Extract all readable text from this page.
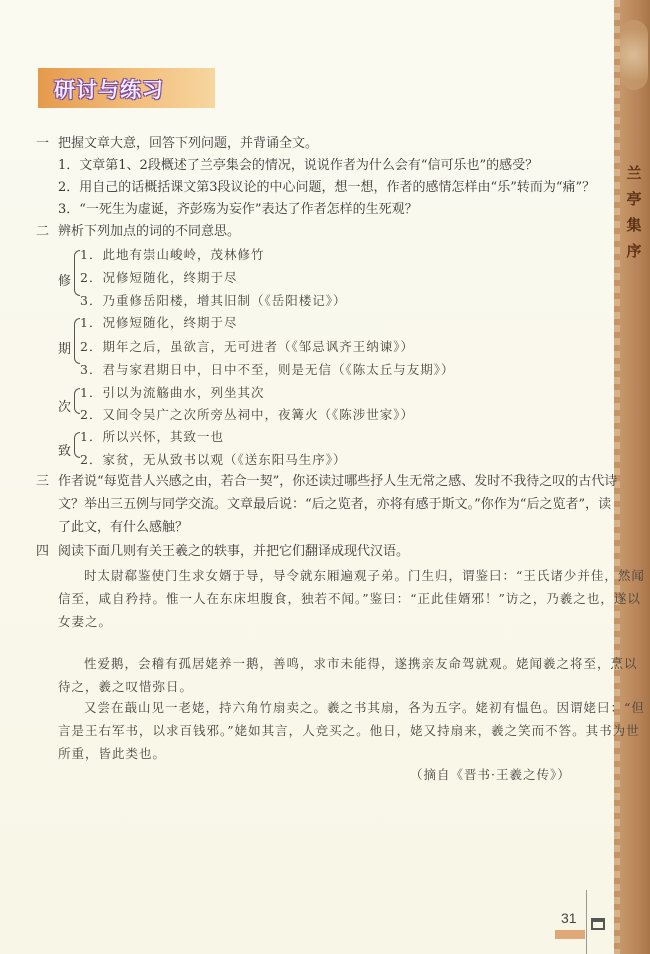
兰
亭
集
序
研讨与练习
一 把握文章大意，回答下列问题，并背诵全文。
1．文章第1、2段概述了兰亭集会的情况，说说作者为什么会有“信可乐也”的感受？
2．用自己的话概括课文第3段议论的中心问题，想一想，作者的感情怎样由“乐”转而为“痛”？
3．“一死生为虚诞，齐彭殇为妄作”表达了作者怎样的生死观？
二 辨析下列加点的词的不同意思。
修
1．此地有崇山峻岭，茂林修竹
2．况修短随化，终期于尽
3．乃重修岳阳楼，增其旧制（《岳阳楼记》）
期
1．况修短随化，终期于尽
2．期年之后，虽欲言，无可进者（《邹忌讽齐王纳谏》）
3．君与家君期日中，日中不至，则是无信（《陈太丘与友期》）
次
1．引以为流觞曲水，列坐其次
2．又间令吴广之次所旁丛祠中，夜篝火（《陈涉世家》）
致
1．所以兴怀，其致一也
2．家贫，无从致书以观（《送东阳马生序》）
三 作者说“每览昔人兴感之由，若合一契”，你还读过哪些抒人生无常之感、发时不我待之叹的古代诗
文？举出三五例与同学交流。文章最后说：“后之览者，亦将有感于斯文。”你作为“后之览者”，读
了此文，有什么感触？
四 阅读下面几则有关王羲之的轶事，并把它们翻译成现代汉语。
时太尉郗鉴使门生求女婿于导，导令就东厢遍观子弟。门生归，谓鉴曰：“王氏诸少并佳，然闻
信至，咸自矜持。惟一人在东床坦腹食，独若不闻。”鉴曰：“正此佳婿邪！”访之，乃羲之也，遂以
女妻之。
性爱鹅，会稽有孤居姥养一鹅，善鸣，求市未能得，遂携亲友命驾就观。姥闻羲之将至，烹以
待之，羲之叹惜弥日。
又尝在蕺山见一老姥，持六角竹扇卖之。羲之书其扇，各为五字。姥初有愠色。因谓姥曰：“但
言是王右军书，以求百钱邪。”姥如其言，人竞买之。他日，姥又持扇来，羲之笑而不答。其书为世
所重，皆此类也。
（摘自《晋书·王羲之传》）
31
